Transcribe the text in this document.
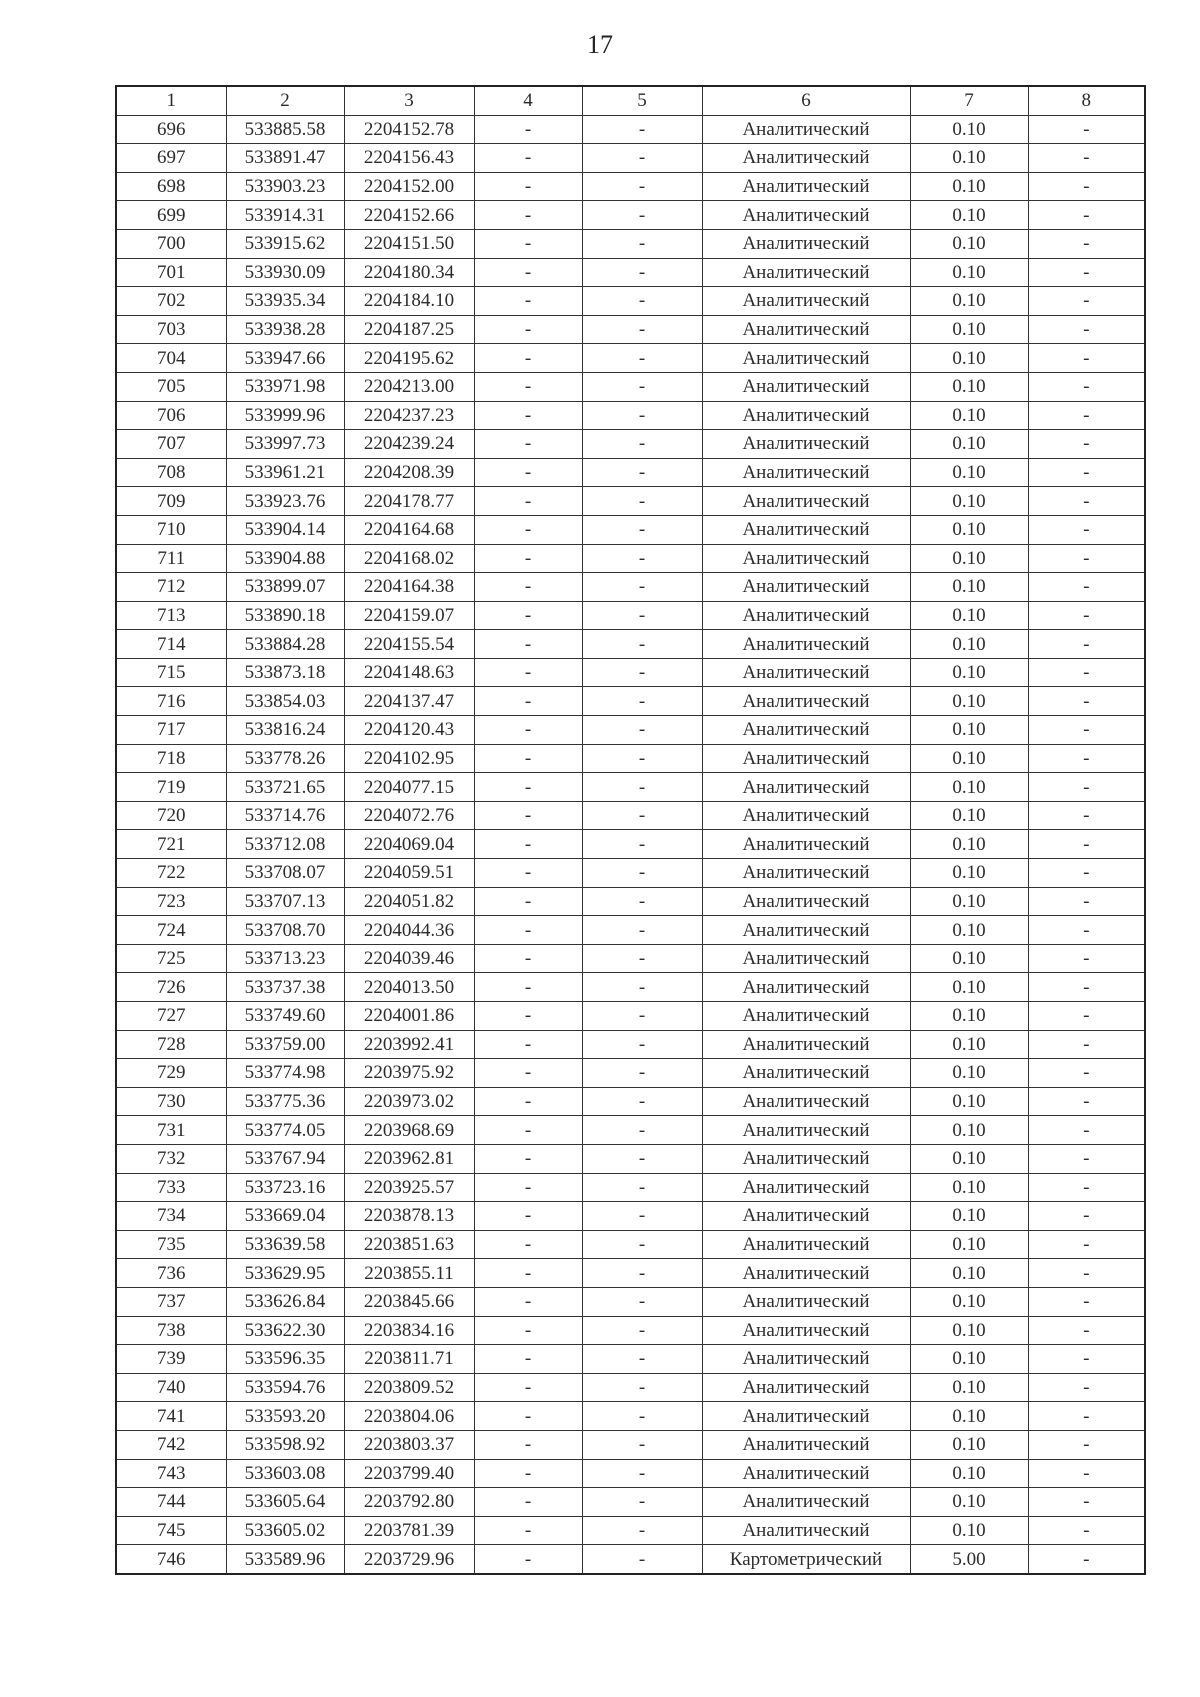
17
1	2	3	4	5	6	7	8
696	533885.58	2204152.78	-	-	Аналитический	0.10	-
697	533891.47	2204156.43	-	-	Аналитический	0.10	-
698	533903.23	2204152.00	-	-	Аналитический	0.10	-
699	533914.31	2204152.66	-	-	Аналитический	0.10	-
700	533915.62	2204151.50	-	-	Аналитический	0.10	-
701	533930.09	2204180.34	-	-	Аналитический	0.10	-
702	533935.34	2204184.10	-	-	Аналитический	0.10	-
703	533938.28	2204187.25	-	-	Аналитический	0.10	-
704	533947.66	2204195.62	-	-	Аналитический	0.10	-
705	533971.98	2204213.00	-	-	Аналитический	0.10	-
706	533999.96	2204237.23	-	-	Аналитический	0.10	-
707	533997.73	2204239.24	-	-	Аналитический	0.10	-
708	533961.21	2204208.39	-	-	Аналитический	0.10	-
709	533923.76	2204178.77	-	-	Аналитический	0.10	-
710	533904.14	2204164.68	-	-	Аналитический	0.10	-
711	533904.88	2204168.02	-	-	Аналитический	0.10	-
712	533899.07	2204164.38	-	-	Аналитический	0.10	-
713	533890.18	2204159.07	-	-	Аналитический	0.10	-
714	533884.28	2204155.54	-	-	Аналитический	0.10	-
715	533873.18	2204148.63	-	-	Аналитический	0.10	-
716	533854.03	2204137.47	-	-	Аналитический	0.10	-
717	533816.24	2204120.43	-	-	Аналитический	0.10	-
718	533778.26	2204102.95	-	-	Аналитический	0.10	-
719	533721.65	2204077.15	-	-	Аналитический	0.10	-
720	533714.76	2204072.76	-	-	Аналитический	0.10	-
721	533712.08	2204069.04	-	-	Аналитический	0.10	-
722	533708.07	2204059.51	-	-	Аналитический	0.10	-
723	533707.13	2204051.82	-	-	Аналитический	0.10	-
724	533708.70	2204044.36	-	-	Аналитический	0.10	-
725	533713.23	2204039.46	-	-	Аналитический	0.10	-
726	533737.38	2204013.50	-	-	Аналитический	0.10	-
727	533749.60	2204001.86	-	-	Аналитический	0.10	-
728	533759.00	2203992.41	-	-	Аналитический	0.10	-
729	533774.98	2203975.92	-	-	Аналитический	0.10	-
730	533775.36	2203973.02	-	-	Аналитический	0.10	-
731	533774.05	2203968.69	-	-	Аналитический	0.10	-
732	533767.94	2203962.81	-	-	Аналитический	0.10	-
733	533723.16	2203925.57	-	-	Аналитический	0.10	-
734	533669.04	2203878.13	-	-	Аналитический	0.10	-
735	533639.58	2203851.63	-	-	Аналитический	0.10	-
736	533629.95	2203855.11	-	-	Аналитический	0.10	-
737	533626.84	2203845.66	-	-	Аналитический	0.10	-
738	533622.30	2203834.16	-	-	Аналитический	0.10	-
739	533596.35	2203811.71	-	-	Аналитический	0.10	-
740	533594.76	2203809.52	-	-	Аналитический	0.10	-
741	533593.20	2203804.06	-	-	Аналитический	0.10	-
742	533598.92	2203803.37	-	-	Аналитический	0.10	-
743	533603.08	2203799.40	-	-	Аналитический	0.10	-
744	533605.64	2203792.80	-	-	Аналитический	0.10	-
745	533605.02	2203781.39	-	-	Аналитический	0.10	-
746	533589.96	2203729.96	-	-	Картометрический	5.00	-
